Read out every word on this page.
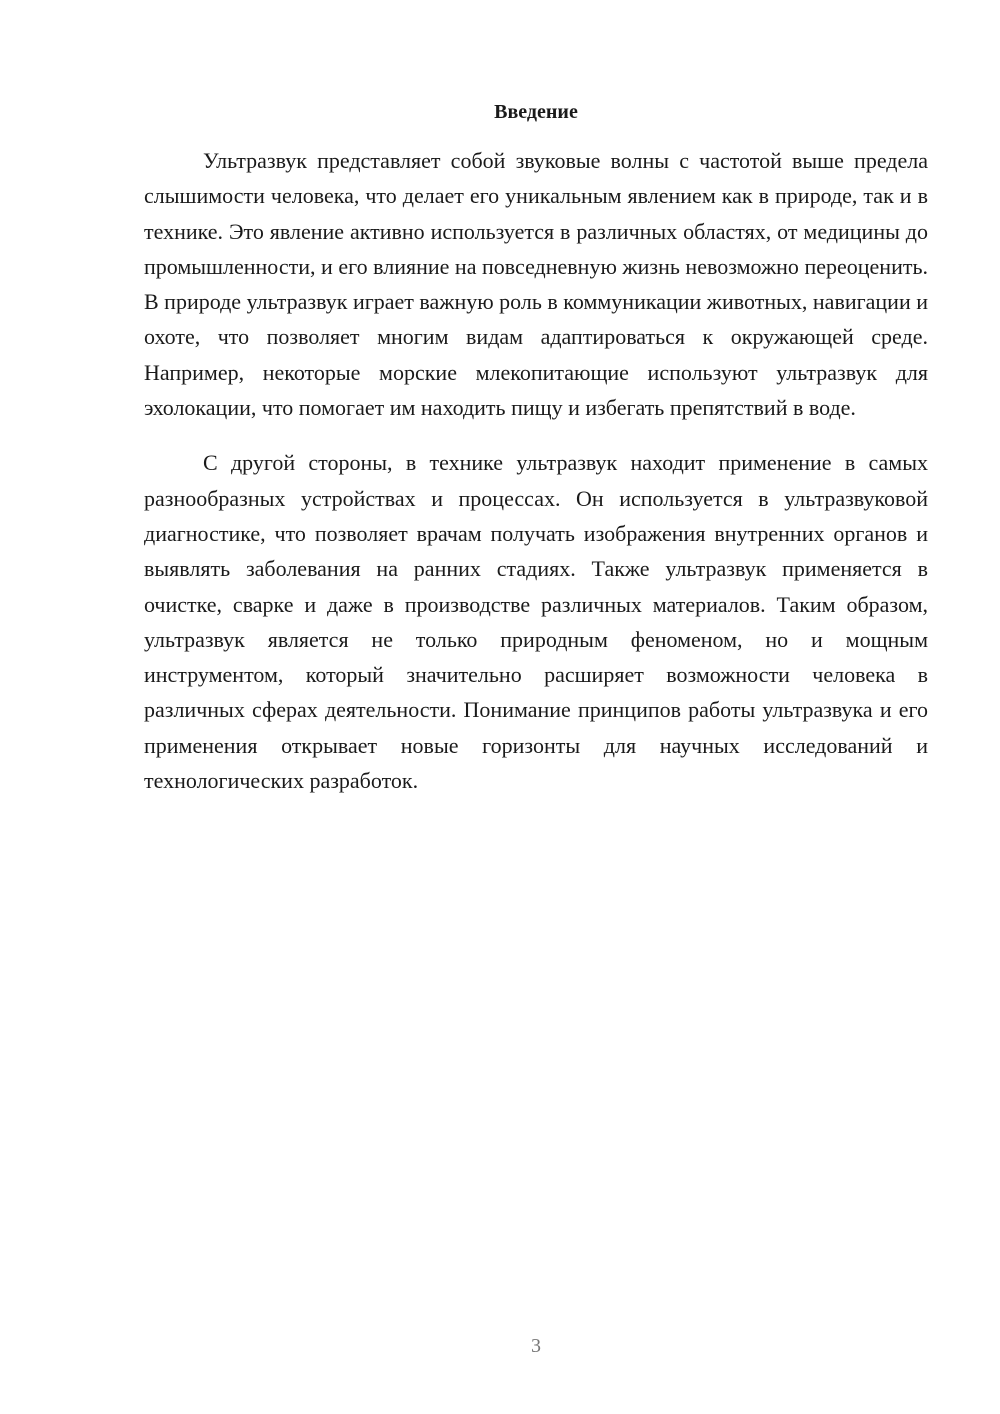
Введение

Ультразвук представляет собой звуковые волны с частотой выше предела слышимости человека, что делает его уникальным явлением как в природе, так и в технике. Это явление активно используется в различных областях, от медицины до промышленности, и его влияние на повседневную жизнь невозможно переоценить. В природе ультразвук играет важную роль в коммуникации животных, навигации и охоте, что позволяет многим видам адаптироваться к окружающей среде. Например, некоторые морские млекопитающие используют ультразвук для эхолокации, что помогает им находить пищу и избегать препятствий в воде.

С другой стороны, в технике ультразвук находит применение в самых разнообразных устройствах и процессах. Он используется в ультразвуковой диагностике, что позволяет врачам получать изображения внутренних органов и выявлять заболевания на ранних стадиях. Также ультразвук применяется в очистке, сварке и даже в производстве различных материалов. Таким образом, ультразвук является не только природным феноменом, но и мощным инструментом, который значительно расширяет возможности человека в различных сферах деятельности. Понимание принципов работы ультразвука и его применения открывает новые горизонты для научных исследований и технологических разработок.

3
